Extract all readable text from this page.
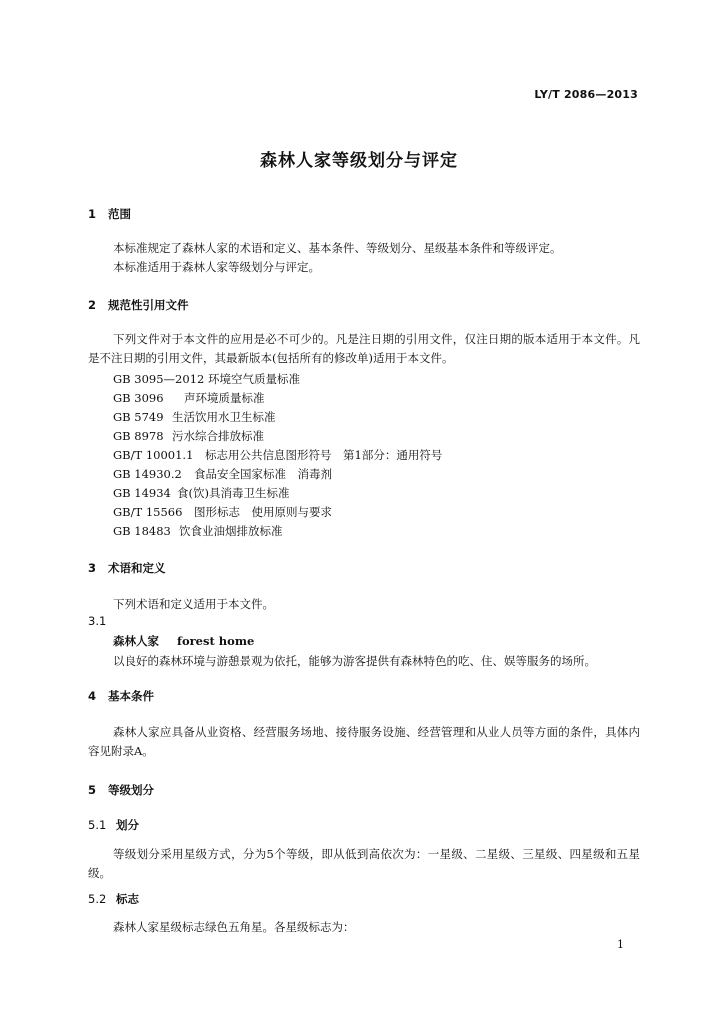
LY/T 2086—2013
森林人家等级划分与评定
1 范围
本标准规定了森林人家的术语和定义、基本条件、等级划分、星级基本条件和等级评定。
本标准适用于森林人家等级划分与评定。
2 规范性引用文件
下列文件对于本文件的应用是必不可少的。凡是注日期的引用文件，仅注日期的版本适用于本文件。凡是不注日期的引用文件，其最新版本(包括所有的修改单)适用于本文件。
GB 3095—2012 环境空气质量标准
GB 3096 声环境质量标准
GB 5749 生活饮用水卫生标准
GB 8978 污水综合排放标准
GB/T 10001.1 标志用公共信息图形符号　第1部分：通用符号
GB 14930.2 食品安全国家标准　消毒剂
GB 14934 食(饮)具消毒卫生标准
GB/T 15566 图形标志　使用原则与要求
GB 18483 饮食业油烟排放标准
3 术语和定义
下列术语和定义适用于本文件。
3.1
森林人家 forest home
以良好的森林环境与游憩景观为依托，能够为游客提供有森林特色的吃、住、娱等服务的场所。
4 基本条件
森林人家应具备从业资格、经营服务场地、接待服务设施、经营管理和从业人员等方面的条件，具体内容见附录A。
5 等级划分
5.1 划分
等级划分采用星级方式，分为5个等级，即从低到高依次为：一星级、二星级、三星级、四星级和五星级。
5.2 标志
森林人家星级标志绿色五角星。各星级标志为：
1
